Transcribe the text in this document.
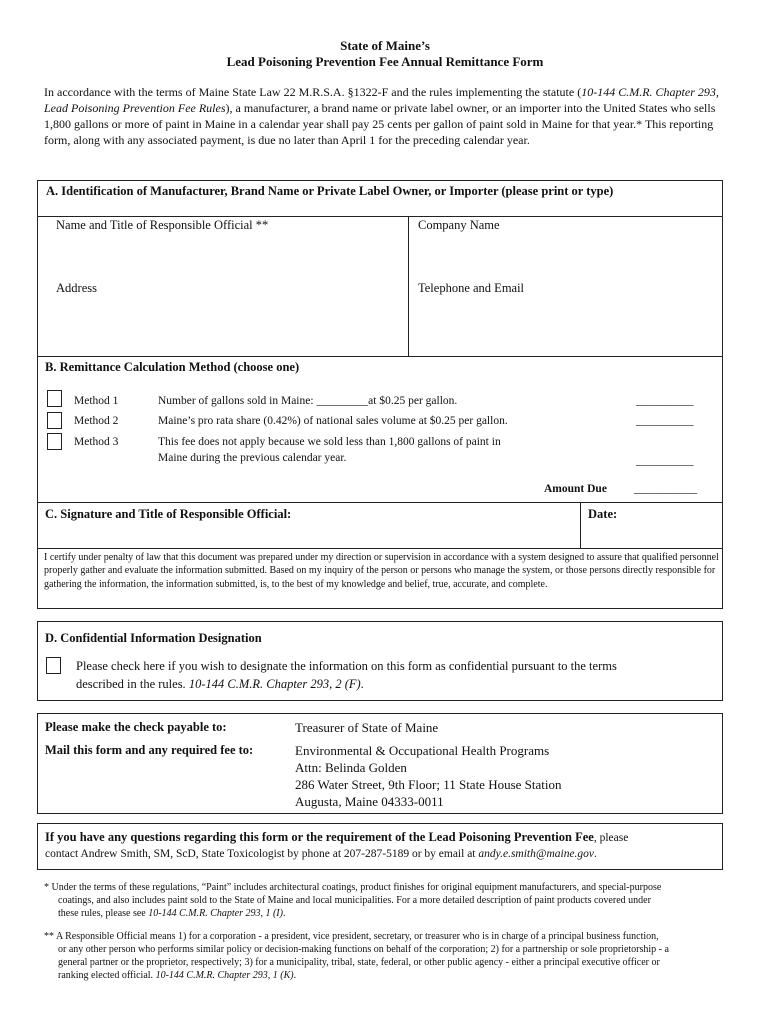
State of Maine’s
Lead Poisoning Prevention Fee Annual Remittance Form
In accordance with the terms of Maine State Law 22 M.R.S.A. §1322-F and the rules implementing the statute (10-144 C.M.R. Chapter 293, Lead Poisoning Prevention Fee Rules), a manufacturer, a brand name or private label owner, or an importer into the United States who sells 1,800 gallons or more of paint in Maine in a calendar year shall pay 25 cents per gallon of paint sold in Maine for that year.* This reporting form, along with any associated payment, is due no later than April 1 for the preceding calendar year.
A. Identification of Manufacturer, Brand Name or Private Label Owner, or Importer (please print or type)
Name and Title of Responsible Official **	Company Name
Address	Telephone and Email
B. Remittance Calculation Method (choose one)
Method 1	Number of gallons sold in Maine: _________at $0.25 per gallon.	__________
Method 2	Maine’s pro rata share (0.42%) of national sales volume at $0.25 per gallon.	__________
Method 3	This fee does not apply because we sold less than 1,800 gallons of paint in
Maine during the previous calendar year.	__________
Amount Due ___________
C. Signature and Title of Responsible Official:	Date:
I certify under penalty of law that this document was prepared under my direction or supervision in accordance with a system designed to assure that qualified personnel properly gather and evaluate the information submitted. Based on my inquiry of the person or persons who manage the system, or those persons directly responsible for gathering the information, the information submitted, is, to the best of my knowledge and belief, true, accurate, and complete.
D. Confidential Information Designation
Please check here if you wish to designate the information on this form as confidential pursuant to the terms
described in the rules. 10-144 C.M.R. Chapter 293, 2 (F).
Please make the check payable to:	Treasurer of State of Maine
Mail this form and any required fee to:	Environmental & Occupational Health Programs
Attn: Belinda Golden
286 Water Street, 9th Floor; 11 State House Station
Augusta, Maine 04333-0011
If you have any questions regarding this form or the requirement of the Lead Poisoning Prevention Fee, please
contact Andrew Smith, SM, ScD, State Toxicologist by phone at 207-287-5189 or by email at andy.e.smith@maine.gov.
* Under the terms of these regulations, “Paint” includes architectural coatings, product finishes for original equipment manufacturers, and special-purpose
coatings, and also includes paint sold to the State of Maine and local municipalities. For a more detailed description of paint products covered under
these rules, please see 10-144 C.M.R. Chapter 293, 1 (I).
** A Responsible Official means 1) for a corporation - a president, vice president, secretary, or treasurer who is in charge of a principal business function,
or any other person who performs similar policy or decision-making functions on behalf of the corporation; 2) for a partnership or sole proprietorship - a
general partner or the proprietor, respectively; 3) for a municipality, tribal, state, federal, or other public agency - either a principal executive officer or
ranking elected official. 10-144 C.M.R. Chapter 293, 1 (K).
